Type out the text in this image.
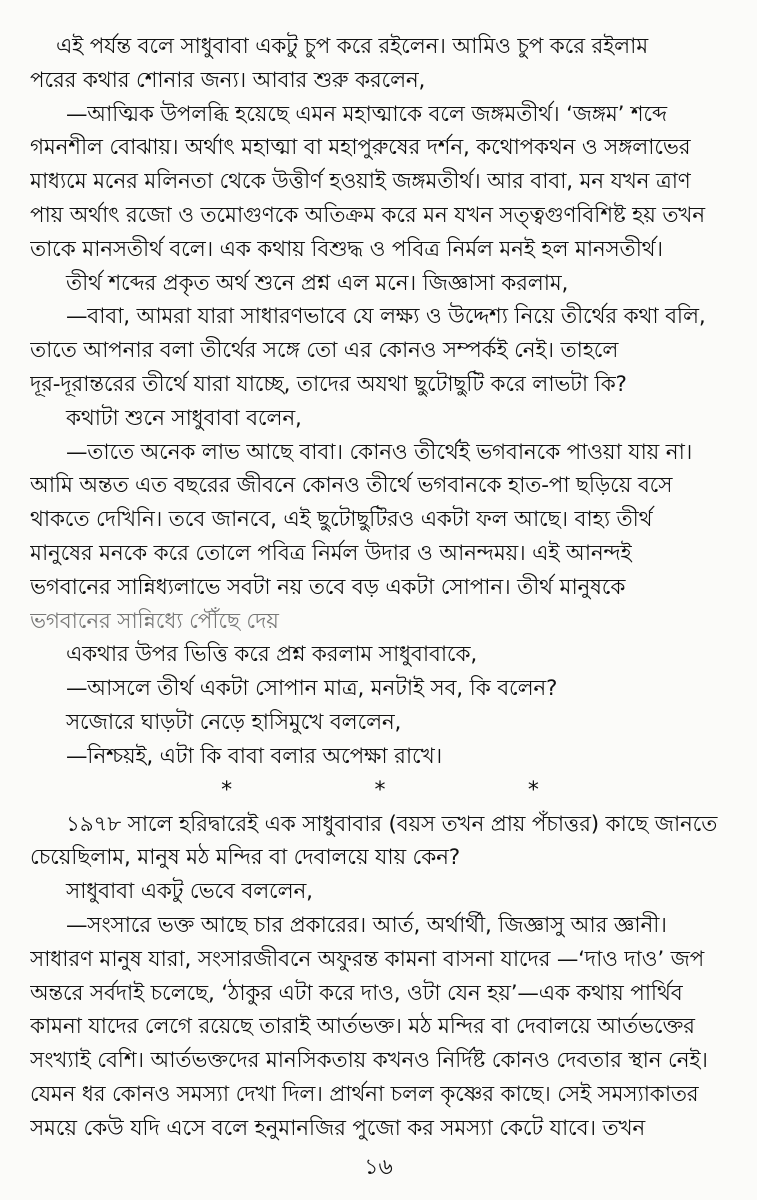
এই পর্যন্ত বলে সাধুবাবা একটু চুপ করে রইলেন। আমিও চুপ করে রইলাম
পরের কথার শোনার জন্য। আবার শুরু করলেন,
—আত্মিক উপলব্ধি হয়েছে এমন মহাত্মাকে বলে জঙ্গমতীর্থ। ‘জঙ্গম’ শব্দে
গমনশীল বোঝায়। অর্থাৎ মহাত্মা বা মহাপুরুষের দর্শন, কথোপকথন ও সঙ্গলাভের
মাধ্যমে মনের মলিনতা থেকে উত্তীর্ণ হওয়াই জঙ্গমতীর্থ। আর বাবা, মন যখন ত্রাণ
পায় অর্থাৎ রজো ও তমোগুণকে অতিক্রম করে মন যখন সত্ত্বগুণবিশিষ্ট হয় তখন
তাকে মানসতীর্থ বলে। এক কথায় বিশুদ্ধ ও পবিত্র নির্মল মনই হল মানসতীর্থ।
তীর্থ শব্দের প্রকৃত অর্থ শুনে প্রশ্ন এল মনে। জিজ্ঞাসা করলাম,
—বাবা, আমরা যারা সাধারণভাবে যে লক্ষ্য ও উদ্দেশ্য নিয়ে তীর্থের কথা বলি,
তাতে আপনার বলা তীর্থের সঙ্গে তো এর কোনও সম্পর্কই নেই। তাহলে
দূর-দূরান্তরের তীর্থে যারা যাচ্ছে, তাদের অযথা ছুটোছুটি করে লাভটা কি?
কথাটা শুনে সাধুবাবা বলেন,
—তাতে অনেক লাভ আছে বাবা। কোনও তীর্থেই ভগবানকে পাওয়া যায় না।
আমি অন্তত এত বছরের জীবনে কোনও তীর্থে ভগবানকে হাত-পা ছড়িয়ে বসে
থাকতে দেখিনি। তবে জানবে, এই ছুটোছুটিরও একটা ফল আছে। বাহ্য তীর্থ
মানুষের মনকে করে তোলে পবিত্র নির্মল উদার ও আনন্দময়। এই আনন্দই
ভগবানের সান্নিধ্যলাভে সবটা নয় তবে বড় একটা সোপান। তীর্থ মানুষকে
ভগবানের সান্নিধ্যে পৌঁছে দেয়
একথার উপর ভিত্তি করে প্রশ্ন করলাম সাধুবাবাকে,
—আসলে তীর্থ একটা সোপান মাত্র, মনটাই সব, কি বলেন?
সজোরে ঘাড়টা নেড়ে হাসিমুখে বললেন,
—নিশ্চয়ই, এটা কি বাবা বলার অপেক্ষা রাখে।
*	*	*
১৯৭৮ সালে হরিদ্বারেই এক সাধুবাবার (বয়স তখন প্রায় পঁচাত্তর) কাছে জানতে
চেয়েছিলাম, মানুষ মঠ মন্দির বা দেবালয়ে যায় কেন?
সাধুবাবা একটু ভেবে বললেন,
—সংসারে ভক্ত আছে চার প্রকারের। আর্ত, অর্থার্থী, জিজ্ঞাসু আর জ্ঞানী।
সাধারণ মানুষ যারা, সংসারজীবনে অফুরন্ত কামনা বাসনা যাদের —‘দাও দাও’ জপ
অন্তরে সর্বদাই চলেছে, ‘ঠাকুর এটা করে দাও, ওটা যেন হয়’—এক কথায় পার্থিব
কামনা যাদের লেগে রয়েছে তারাই আর্তভক্ত। মঠ মন্দির বা দেবালয়ে আর্তভক্তের
সংখ্যাই বেশি। আর্তভক্তদের মানসিকতায় কখনও নির্দিষ্ট কোনও দেবতার স্থান নেই।
যেমন ধর কোনও সমস্যা দেখা দিল। প্রার্থনা চলল কৃষ্ণের কাছে। সেই সমস্যাকাতর
সময়ে কেউ যদি এসে বলে হনুমানজির পুজো কর সমস্যা কেটে যাবে। তখন
১৬
